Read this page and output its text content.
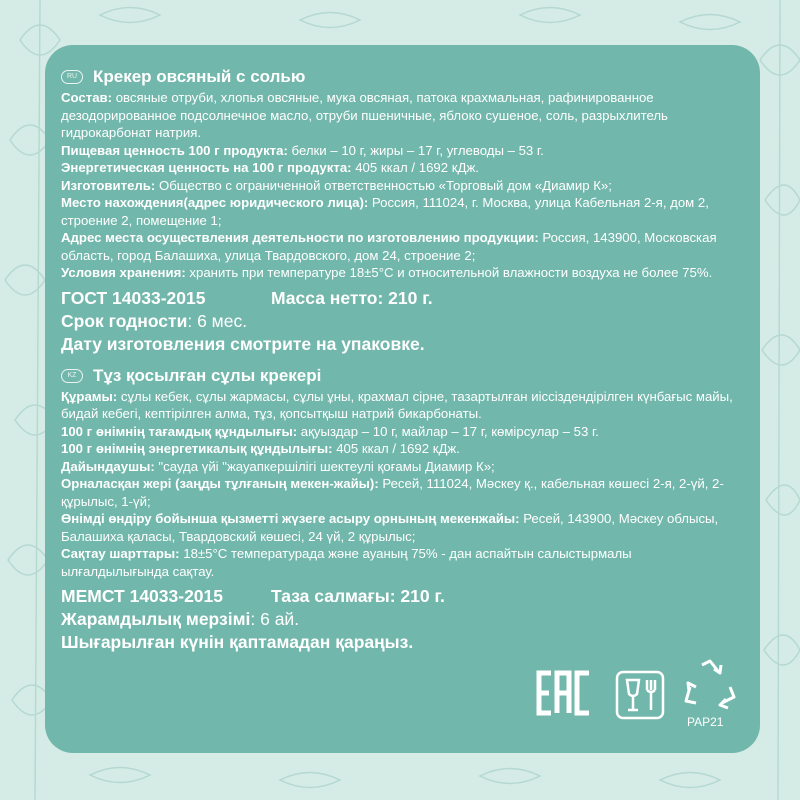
RU Крекер овсяный с солью

Состав: овсяные отруби, хлопья овсяные, мука овсяная, патока крахмальная, рафинированное дезодорированное подсолнечное масло, отруби пшеничные, яблоко сушеное, соль, разрыхлитель гидрокарбонат натрия.

Пищевая ценность 100 г продукта: белки – 10 г, жиры – 17 г, углеводы – 53 г.

Энергетическая ценность на 100 г продукта: 405 ккал / 1692 кДж.

Изготовитель: Общество с ограниченной ответственностью «Торговый дом «Диамир К»;

Место нахождения(адрес юридического лица): Россия, 111024, г. Москва, улица Кабельная 2-я, дом 2, строение 2, помещение 1;

Адрес места осуществления деятельности по изготовлению продукции: Россия, 143900, Московская область, город Балашиха, улица Твардовского, дом 24, строение 2;

Условия хранения: хранить при температуре 18±5°С и относительной влажности воздуха не более 75%.

ГОСТ 14033-2015	Масса нетто: 210 г.

Срок годности: 6 мес.

Дату изготовления смотрите на упаковке.

KZ Тұз қосылған сұлы крекері

Құрамы: сұлы кебек, сұлы жармасы, сұлы ұны, крахмал сірне, тазартылған иіссіздендірілген күнбағыс майы, бидай кебегі, кептірілген алма, тұз, қопсытқыш натрий бикарбонаты.

100 г өнімнің тағамдық құндылығы: ақуыздар – 10 г, майлар – 17 г, көмірсулар – 53 г.

100 г өнімнің энергетикалық құндылығы: 405 ккал / 1692 кДж.

Дайындаушы: "сауда үйі "жауапкершілігі шектеулі қоғамы Диамир К»;

Орналасқан жері (заңды тұлғаның мекен-жайы): Ресей, 111024, Мәскеу қ., кабельная көшесі 2-я, 2-үй, 2-құрылыс, 1-үй;

Өнімді өндіру бойынша қызметті жүзеге асыру орнының мекенжайы: Ресей, 143900, Мәскеу облысы, Балашиха қаласы, Твардовский көшесі, 24 үй, 2 құрылыс;

Сақтау шарттары: 18±5°С температурада және ауаның 75% - дан аспайтын салыстырмалы ылғалдылығында сақтау.

МЕМСТ 14033-2015	Таза салмағы: 210 г.

Жарамдылық мерзімі: 6 ай.

Шығарылған күнін қаптамадан қараңыз.

PAP21
